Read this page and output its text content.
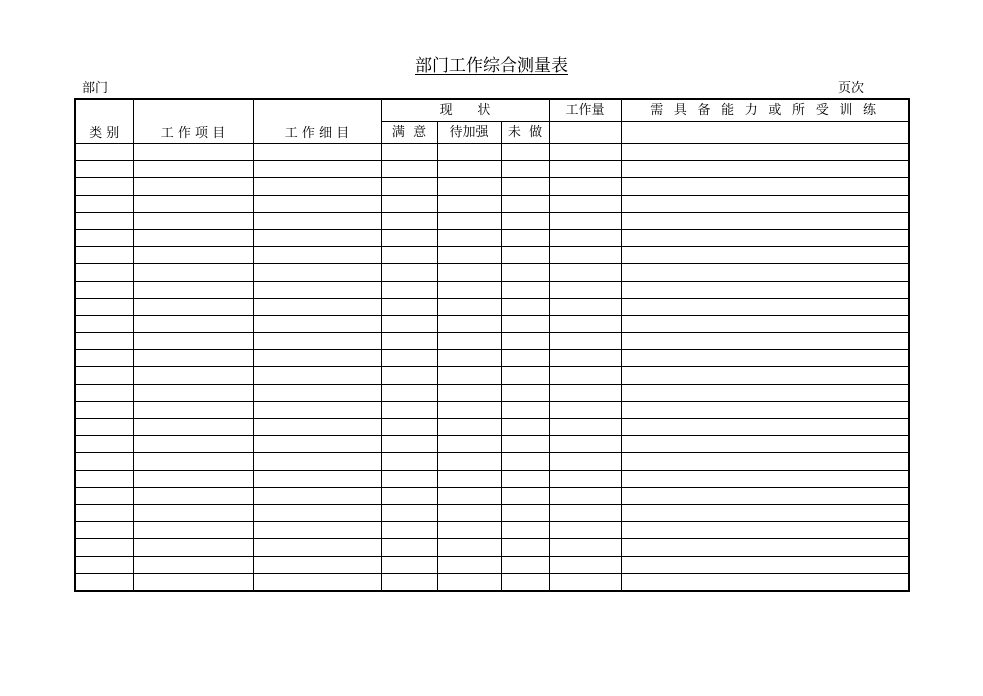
部门工作综合测量表
部门	页次
类 别	工 作 项 目	工 作 细 目	现      状			工作量	需 具 备 能 力 或 所 受 训 练
			满  意	待加强	未  做		
